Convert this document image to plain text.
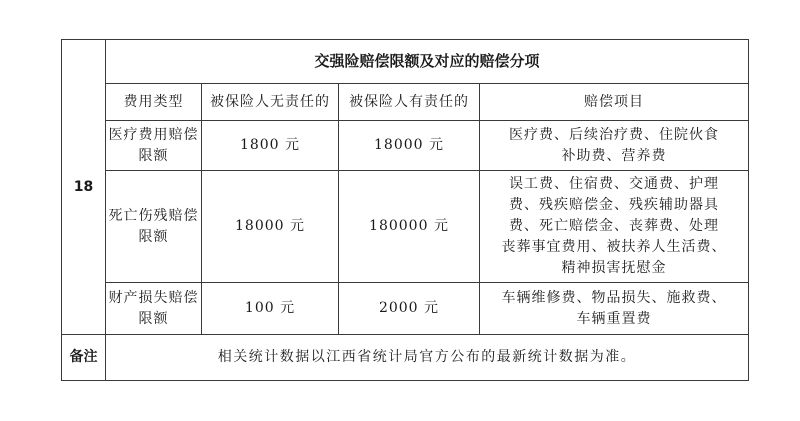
18	交强险赔偿限额及对应的赔偿分项			
	费用类型	被保险人无责任的	被保险人有责任的	赔偿项目
	医疗费用赔偿限额	1800 元	18000 元	医疗费、后续治疗费、住院伙食
补助费、营养费

	死亡伤残赔偿限额	18000 元	180000 元	误工费、住宿费、交通费、护理
费、残疾赔偿金、残疾辅助器具
费、死亡赔偿金、丧葬费、处理
丧葬事宜费用、被扶养人生活费、
精神损害抚慰金

	财产损失赔偿限额	100 元	2000 元	车辆维修费、物品损失、施救费、
车辆重置费

备注	相关统计数据以江西省统计局官方公布的最新统计数据为准。			
